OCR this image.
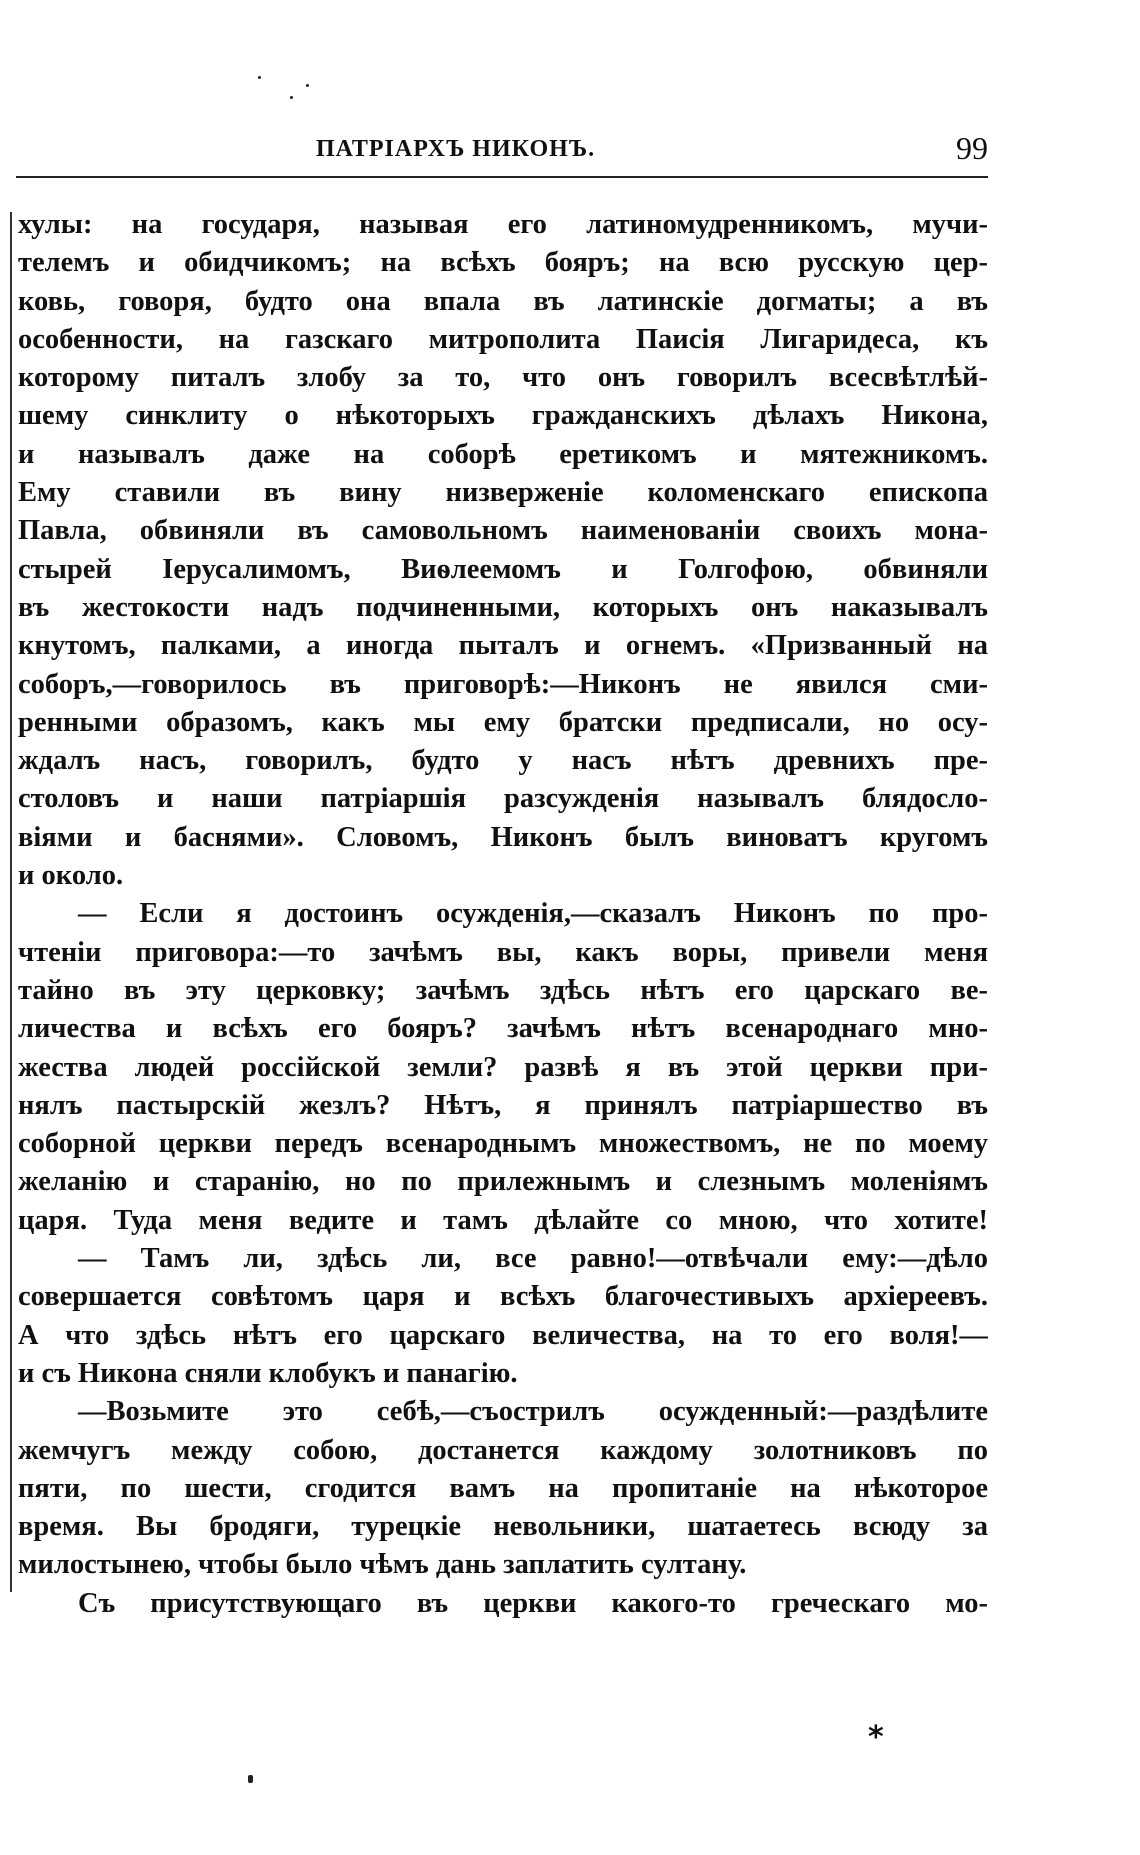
ПАТРІАРХЪ НИКОНЪ.	99
хулы: на государя, называя его латиномудренникомъ, мучи-
телемъ и обидчикомъ; на всѣхъ бояръ; на всю русскую цер-
ковь, говоря, будто она впала въ латинскіе догматы; а въ
особенности, на газскаго митрополита Паисія Лигаридеса, къ
которому питалъ злобу за то, что онъ говорилъ всесвѣтлѣй-
шему синклиту о нѣкоторыхъ гражданскихъ дѣлахъ Никона,
и называлъ даже на соборѣ еретикомъ и мятежникомъ.
Ему ставили въ вину низверженіе коломенскаго епископа
Павла, обвиняли въ самовольномъ наименованіи своихъ мона-
стырей Іерусалимомъ, Виѳлеемомъ и Голгофою, обвиняли
въ жестокости надъ подчиненными, которыхъ онъ наказывалъ
кнутомъ, палками, а иногда пыталъ и огнемъ. «Призванный на
соборъ,—говорилось въ приговорѣ:—Никонъ не явился сми-
ренными образомъ, какъ мы ему братски предписали, но осу-
ждалъ насъ, говорилъ, будто у насъ нѣтъ древнихъ пре-
столовъ и наши патріаршія разсужденія называлъ блядосло-
віями и баснями». Словомъ, Никонъ былъ виноватъ кругомъ
и около.
— Если я достоинъ осужденія,—сказалъ Никонъ по про-
чтеніи приговора:—то зачѣмъ вы, какъ воры, привели меня
тайно въ эту церковку; зачѣмъ здѣсь нѣтъ его царскаго ве-
личества и всѣхъ его бояръ? зачѣмъ нѣтъ всенароднаго мно-
жества людей россійской земли? развѣ я въ этой церкви при-
нялъ пастырскій жезлъ? Нѣтъ, я принялъ патріаршество въ
соборной церкви передъ всенароднымъ множествомъ, не по моему
желанію и старанію, но по прилежнымъ и слезнымъ моленіямъ
царя. Туда меня ведите и тамъ дѣлайте со мною, что хотите!
— Тамъ ли, здѣсь ли, все равно!—отвѣчали ему:—дѣло
совершается совѣтомъ царя и всѣхъ благочестивыхъ архіереевъ.
А что здѣсь нѣтъ его царскаго величества, на то его воля!—
и съ Никона сняли клобукъ и панагію.
—Возьмите это себѣ,—съострилъ осужденный:—раздѣлите
жемчугъ между собою, достанется каждому золотниковъ по
пяти, по шести, сгодится вамъ на пропитаніе на нѣкоторое
время. Вы бродяги, турецкіе невольники, шатаетесь всюду за
милостынею, чтобы было чѣмъ дань заплатить султану.
Съ присутствующаго въ церкви какого-то греческаго мо-
*
